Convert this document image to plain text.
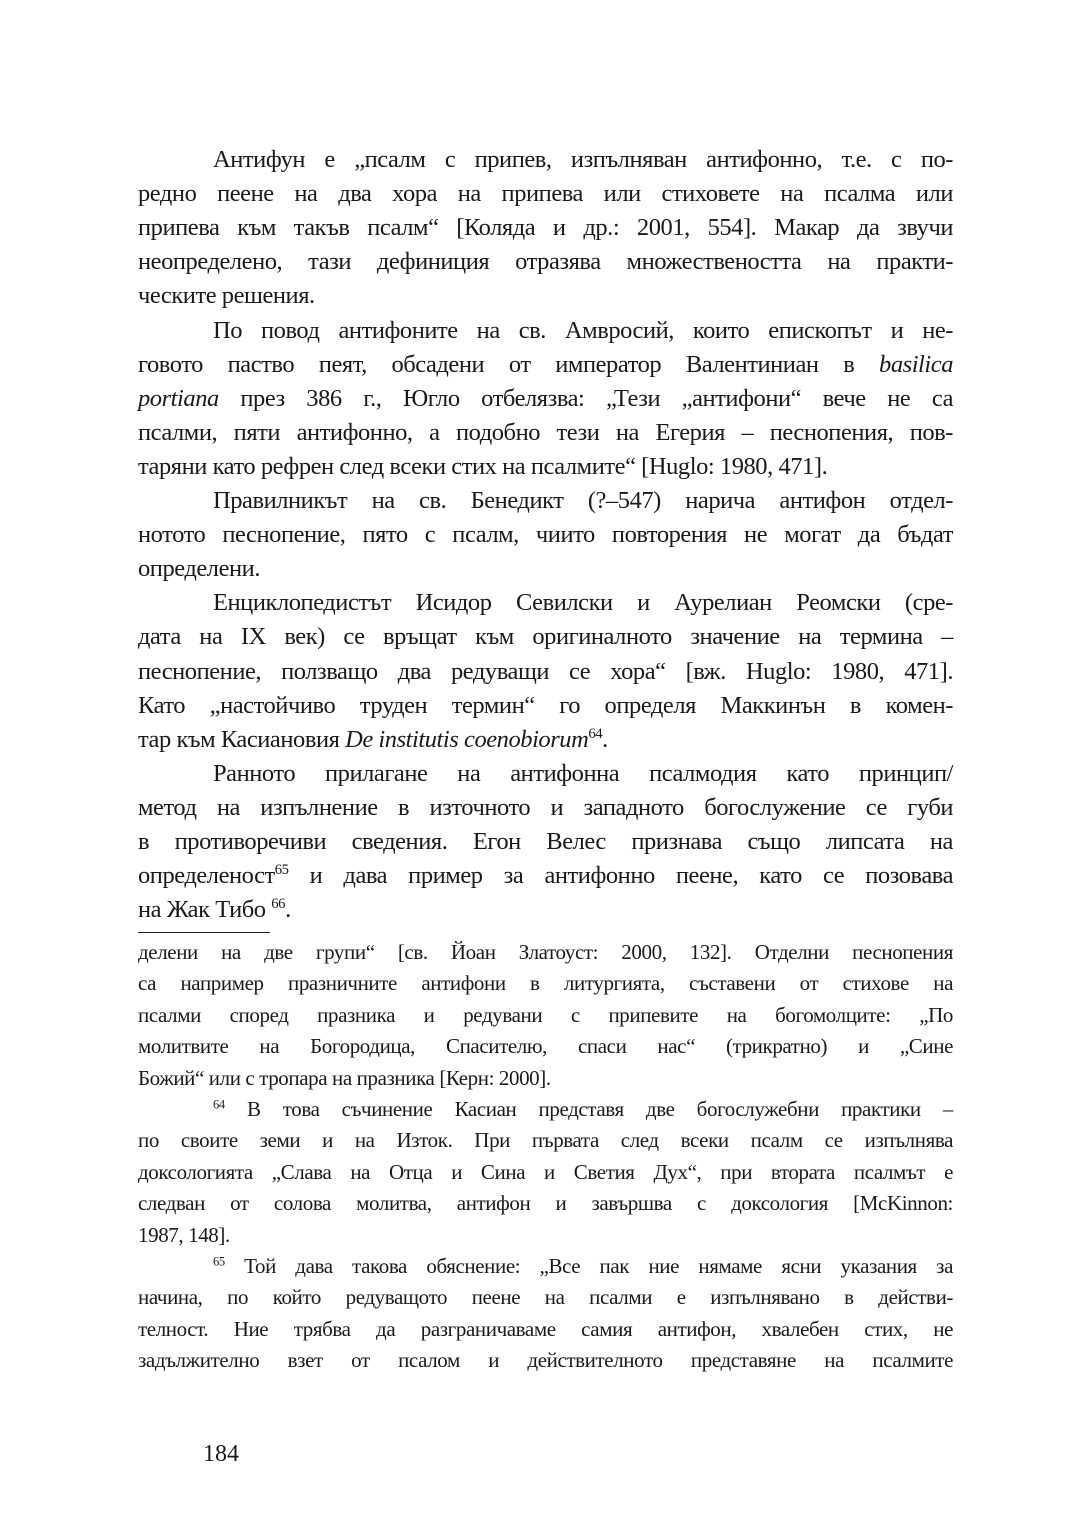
Антифун е „псалм с припев, изпълняван антифонно, т.е. с по-
редно пеене на два хора на припева или стиховете на псалма или
припева към такъв псалм“ [Коляда и др.: 2001, 554]. Макар да звучи
неопределено, тази дефиниция отразява множествеността на практи-
ческите решения.
По повод антифоните на св. Амвросий, които епископът и не-
говото паство пеят, обсадени от император Валентиниан в basilica
portiana през 386 г., Югло отбелязва: „Тези „антифони“ вече не са
псалми, пяти антифонно, а подобно тези на Егерия – песнопения, пов-
таряни като рефрен след всеки стих на псалмите“ [Huglo: 1980, 471].
Правилникът на св. Бенедикт (?–547) нарича антифон отдел-
нотото песнопение, пято с псалм, чиито повторения не могат да бъдат
определени.
Енциклопедистът Исидор Севилски и Аурелиан Реомски (сре-
дата на IX век) се връщат към оригиналното значение на термина –
песнопение, ползващо два редуващи се хора“ [вж. Huglo: 1980, 471].
Като „настойчиво труден термин“ го определя Маккинън в комен-
тар към Касиановия De institutis coenobiorum$^{64}$.
Ранното прилагане на антифонна псалмодия като принцип/
метод на изпълнение в източното и западното богослужение се губи
в противоречиви сведения. Егон Велес признава също липсата на
определеност$^{65}$ и дава пример за антифонно пеене, като се позовава
на Жак Тибо $^{66}$.
делени на две групи“ [св. Йоан Златоуст: 2000, 132]. Отделни песнопения
са например празничните антифони в литургията, съставени от стихове на
псалми според празника и редувани с припевите на богомолците: „По
молитвите на Богородица, Спасителю, спаси нас“ (трикратно) и „Сине
Божий“ или с тропара на празника [Керн: 2000].
$^{64}$ В това съчинение Касиан представя две богослужебни практики –
по своите земи и на Изток. При първата след всеки псалм се изпълнява
доксологията „Слава на Отца и Сина и Светия Дух“, при втората псалмът е
следван от солова молитва, антифон и завършва с доксология [McKinnon:
1987, 148].
$^{65}$ Той дава такова обяснение: „Все пак ние нямаме ясни указания за
начина, по който редуващото пеене на псалми е изпълнявано в действи-
телност. Ние трябва да разграничаваме самия антифон, хвалебен стих, не
задължително взет от псалом и действителното представяне на псалмите
184
